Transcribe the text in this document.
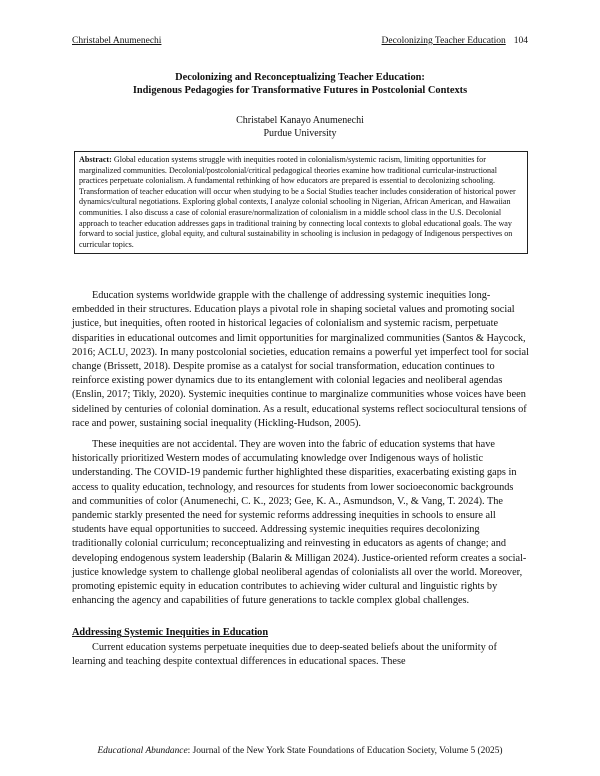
Christabel Anumenechi	Decolonizing Teacher Education 104
Decolonizing and Reconceptualizing Teacher Education:
Indigenous Pedagogies for Transformative Futures in Postcolonial Contexts
Christabel Kanayo Anumenechi
Purdue University
Abstract: Global education systems struggle with inequities rooted in colonialism/systemic racism, limiting opportunities for marginalized communities. Decolonial/postcolonial/critical pedagogical theories examine how traditional curricular-instructional practices perpetuate colonialism. A fundamental rethinking of how educators are prepared is essential to decolonizing schooling. Transformation of teacher education will occur when studying to be a Social Studies teacher includes consideration of historical power dynamics/cultural negotiations. Exploring global contexts, I analyze colonial schooling in Nigerian, African American, and Hawaiian communities. I also discuss a case of colonial erasure/normalization of colonialism in a middle school class in the U.S. Decolonial approach to teacher education addresses gaps in traditional training by connecting local contexts to global educational goals. The way forward to social justice, global equity, and cultural sustainability in schooling is inclusion in pedagogy of Indigenous perspectives on curricular topics.

Education systems worldwide grapple with the challenge of addressing systemic inequities long-embedded in their structures. Education plays a pivotal role in shaping societal values and promoting social justice, but inequities, often rooted in historical legacies of colonialism and systemic racism, perpetuate disparities in educational outcomes and limit opportunities for marginalized communities (Santos & Haycock, 2016; ACLU, 2023). In many postcolonial societies, education remains a powerful yet imperfect tool for social change (Brissett, 2018). Despite promise as a catalyst for social transformation, education continues to reinforce existing power dynamics due to its entanglement with colonial legacies and neoliberal agendas (Enslin, 2017; Tikly, 2020). Systemic inequities continue to marginalize communities whose voices have been sidelined by centuries of colonial domination. As a result, educational systems reflect sociocultural tensions of race and power, sustaining social inequality (Hickling-Hudson, 2005).

These inequities are not accidental. They are woven into the fabric of education systems that have historically prioritized Western modes of accumulating knowledge over Indigenous ways of holistic understanding. The COVID-19 pandemic further highlighted these disparities, exacerbating existing gaps in access to quality education, technology, and resources for students from lower socioeconomic backgrounds and communities of color (Anumenechi, C. K., 2023; Gee, K. A., Asmundson, V., & Vang, T. 2024). The pandemic starkly presented the need for systemic reforms addressing inequities in schools to ensure all students have equal opportunities to succeed. Addressing systemic inequities requires decolonizing traditionally colonial curriculum; reconceptualizing and reinvesting in educators as agents of change; and developing endogenous system leadership (Balarin & Milligan 2024). Justice-oriented reform creates a social-justice knowledge system to challenge global neoliberal agendas of colonialists all over the world. Moreover, promoting epistemic equity in education contributes to achieving wider cultural and linguistic rights by enhancing the agency and capabilities of future generations to tackle complex global challenges.

Addressing Systemic Inequities in Education

Current education systems perpetuate inequities due to deep-seated beliefs about the uniformity of learning and teaching despite contextual differences in educational spaces. These

Educational Abundance: Journal of the New York State Foundations of Education Society, Volume 5 (2025)
